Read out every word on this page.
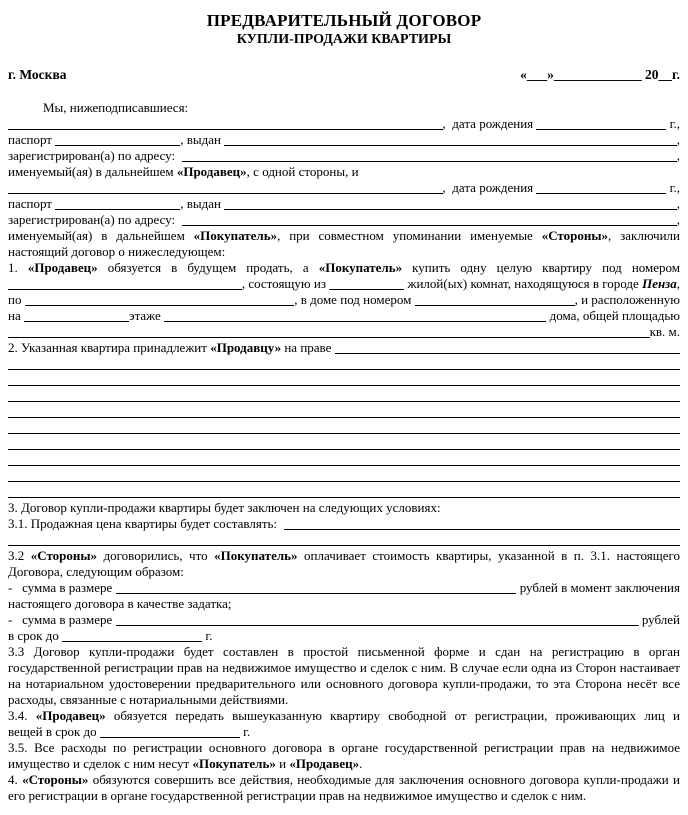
ПРЕДВАРИТЕЛЬНЫЙ ДОГОВОР
КУПЛИ-ПРОДАЖИ КВАРТИРЫ
г. Москва	«___»_____________ 20__г.
Мы, нижеподписавшиеся:
,  дата рождения	г.,
паспорт	, выдан	,
зарегистрирован(а) по адресу:	,
именуемый(ая) в дальнейшем «Продавец», с одной стороны, и
,  дата рождения	г.,
паспорт	, выдан	,
зарегистрирован(а) по адресу:	,
именуемый(ая) в дальнейшем «Покупатель», при совместном упоминании именуемые «Стороны», заключили настоящий договор о нижеследующем:
1. «Продавец» обязуется в будущем продать, а «Покупатель» купить одну целую квартиру под номером
, состоящую из	жилой(ых) комнат, находящуюся в городе Пенза ,
по	, в доме под номером	, и расположенную
на	этаже	дома, общей площадью
кв. м.
2. Указанная квартира принадлежит «Продавцу» на праве
3. Договор купли-продажи квартиры будет заключен на следующих условиях:
3.1. Продажная цена квартиры будет составлять:
3.2 «Стороны» договорились, что «Покупатель» оплачивает стоимость квартиры, указанной в п. 3.1. настоящего Договора, следующим образом:
-   сумма в размере	рублей в момент заключения
настоящего договора в качестве задатка;
-   сумма в размере	рублей
в срок до	г.
3.3 Договор купли-продажи будет составлен в простой письменной форме и сдан на регистрацию в орган государственной регистрации прав на недвижимое имущество и сделок с ним. В случае если одна из Сторон настаивает на нотариальном удостоверении предварительного или основного договора купли-продажи, то эта Сторона несёт все расходы, связанные с нотариальными действиями.
3.4. «Продавец» обязуется передать вышеуказанную квартиру свободной от регистрации, проживающих лиц и
вещей в срок до	г.
3.5. Все расходы по регистрации основного договора в органе государственной регистрации прав на недвижимое имущество и сделок с ним несут «Покупатель» и «Продавец».
4. «Стороны» обязуются совершить все действия, необходимые для заключения основного договора купли-продажи и его регистрации в органе государственной регистрации прав на недвижимое имущество и сделок с ним.
